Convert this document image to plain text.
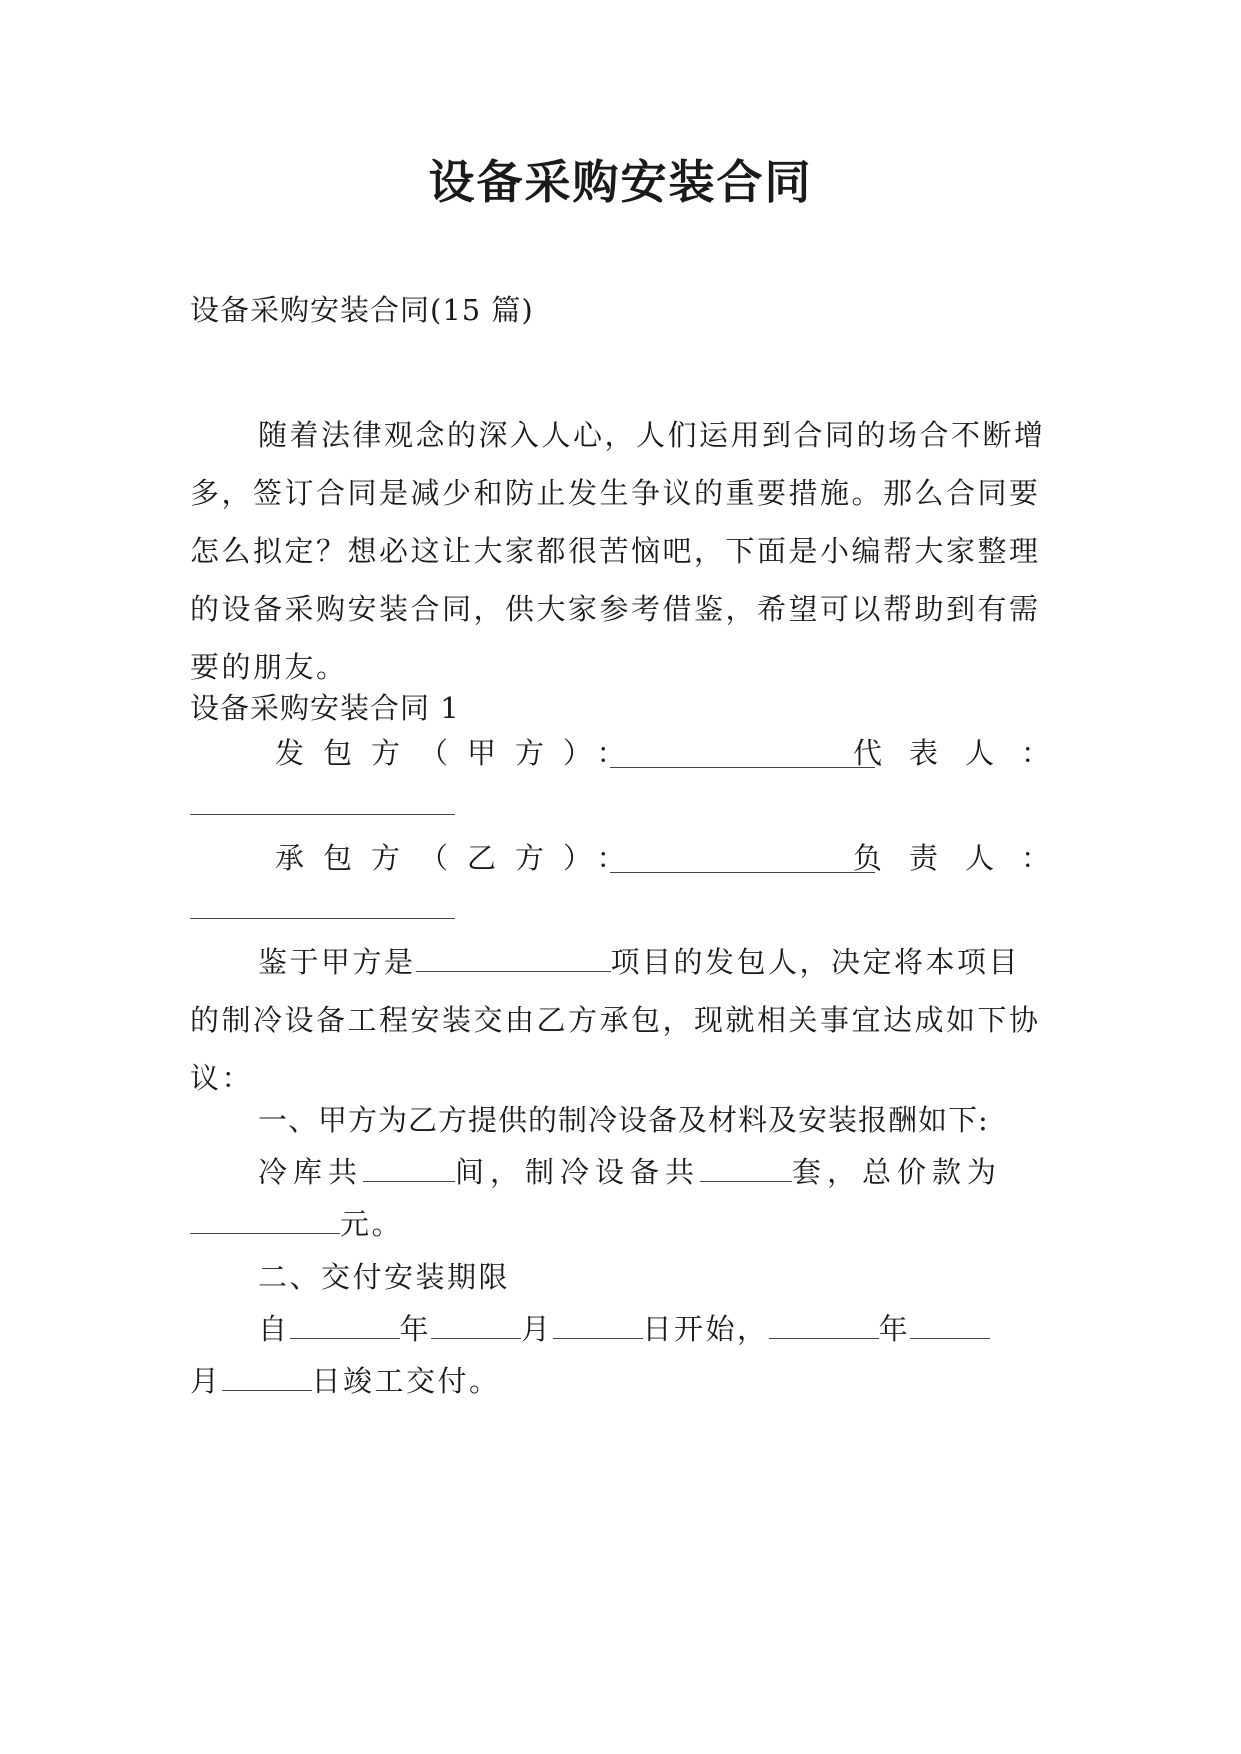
设备采购安装合同
设备采购安装合同(15 篇)
随着法律观念的深入人心，人们运用到合同的场合不断增多，签订合同是减少和防止发生争议的重要措施。那么合同要怎么拟定？想必这让大家都很苦恼吧，下面是小编帮大家整理的设备采购安装合同，供大家参考借鉴，希望可以帮助到有需要的朋友。
设备采购安装合同 1
发包方（甲方）：	代表人：
承包方（乙方）：	负责人：
鉴于甲方是	项目的发包人，决定将本项目的制冷设备工程安装交由乙方承包，现就相关事宜达成如下协议：
一、甲方为乙方提供的制冷设备及材料及安装报酬如下:
冷库共	间，制冷设备共	套，总价款为
元。
二、交付安装期限
自	年	月	日开始，	年
月	日竣工交付。
